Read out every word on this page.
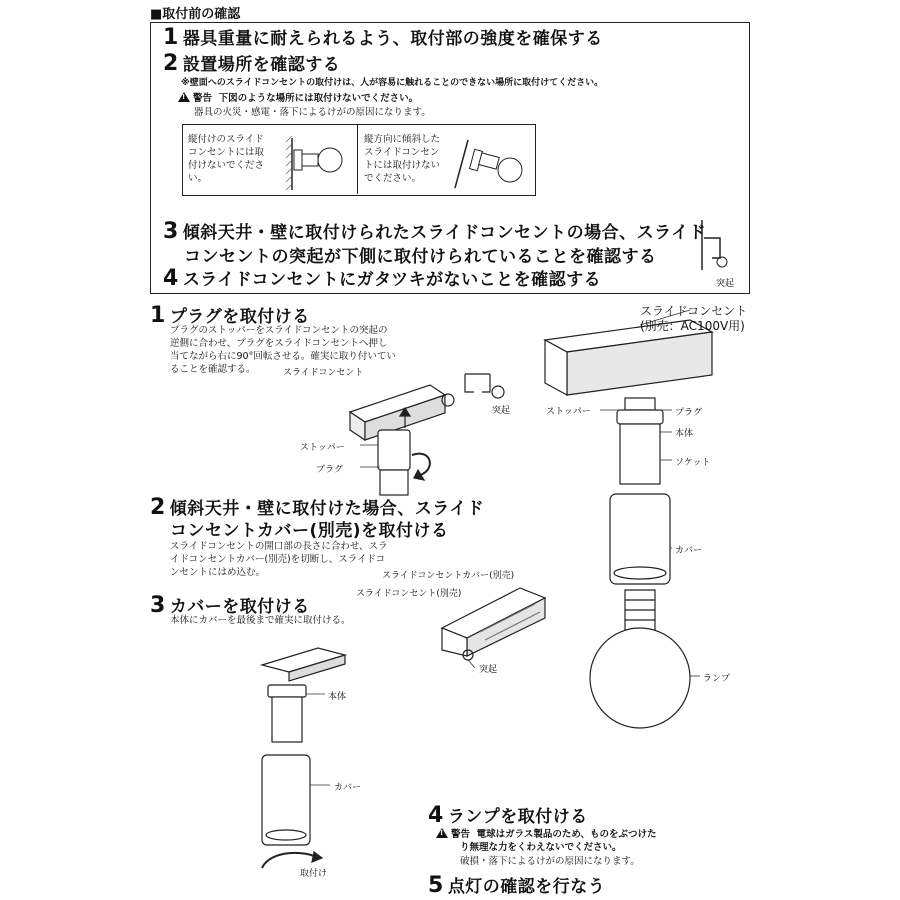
■取付前の確認
1 器具重量に耐えられるよう、取付部の強度を確保する
2 設置場所を確認する
※壁面へのスライドコンセントの取付けは、人が容易に触れることのできない場所に取付けてください。
!警告 下図のような場所には取付けないでください。
器具の火災・感電・落下によるけがの原因になります。
縦付けのスライド
コンセントには取
付けないでくださ
い。
縦方向に傾斜した
スライドコンセン
トには取付けない
でください。
3 傾斜天井・壁に取付けられたスライドコンセントの場合、スライド
コンセントの突起が下側に取付けられていることを確認する
突起
4 スライドコンセントにガタツキがないことを確認する
1 プラグを取付ける
プラグのストッパーをスライドコンセントの突起の
逆側に合わせ、プラグをスライドコンセントへ押し
当てながら右に90°回転させる。確実に取り付いてい
ることを確認する。
2 傾斜天井・壁に取付けた場合、スライド
コンセントカバー(別売)を取付ける
スライドコンセントの開口部の長さに合わせ、スラ
イドコンセントカバー(別売)を切断し、スライドコ
ンセントにはめ込む。
3 カバーを取付ける
本体にカバーを最後まで確実に取付ける。
4 ランプを取付ける
!警告 電球はガラス製品のため、ものをぶつけた
り無理な力をくわえないでください。
破損・落下によるけがの原因になります。
5 点灯の確認を行なう
スライドコンセント
突起
ストッパー
プラグ
スライドコンセントカバー(別売)
スライドコンセント(別売)
突起
本体
カバー
取付け
スライドコンセント
(別売：AC100V用)
ストッパー	プラグ
本体
ソケット
カバー
ランプ
